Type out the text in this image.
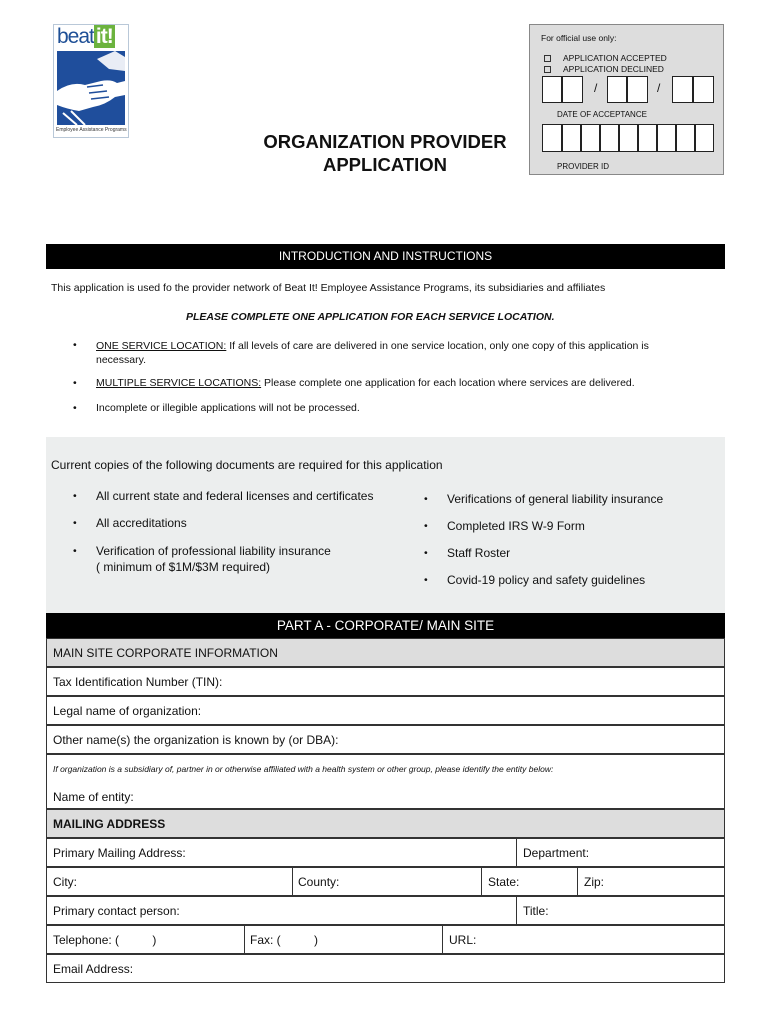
beatit!
Employee Assistance Programs
ORGANIZATION PROVIDER
APPLICATION
For official use only:
APPLICATION ACCEPTED
APPLICATION DECLINED
/	/
DATE OF ACCEPTANCE
PROVIDER ID
INTRODUCTION AND INSTRUCTIONS
This application is used fo the provider network of Beat It! Employee Assistance Programs, its subsidiaries and affiliates
PLEASE COMPLETE ONE APPLICATION FOR EACH SERVICE LOCATION.
• ONE SERVICE LOCATION: If all levels of care are delivered in one service location, only one copy of this application is
necessary.
• MULTIPLE SERVICE LOCATIONS: Please complete one application for each location where services are delivered.
• Incomplete or illegible applications will not be processed.
Current copies of the following documents are required for this application
• All current state and federal licenses and certificates
• All accreditations
• Verification of professional liability insurance
( minimum of $1M/$3M required)
• Verifications of general liability insurance
• Completed IRS W-9 Form
• Staff Roster
• Covid-19 policy and safety guidelines
PART A - CORPORATE/ MAIN SITE
MAIN SITE CORPORATE INFORMATION
Tax Identification Number (TIN):
Legal name of organization:
Other name(s) the organization is known by (or DBA):
If organization is a subsidiary of, partner in or otherwise affiliated with a health system or other group, please identify the entity below:
Name of entity:
MAILING ADDRESS
Primary Mailing Address:	Department:
City:	County:	State:	Zip:
Primary contact person:	Title:
Telephone: (          )	Fax: (          )	URL:
Email Address:
